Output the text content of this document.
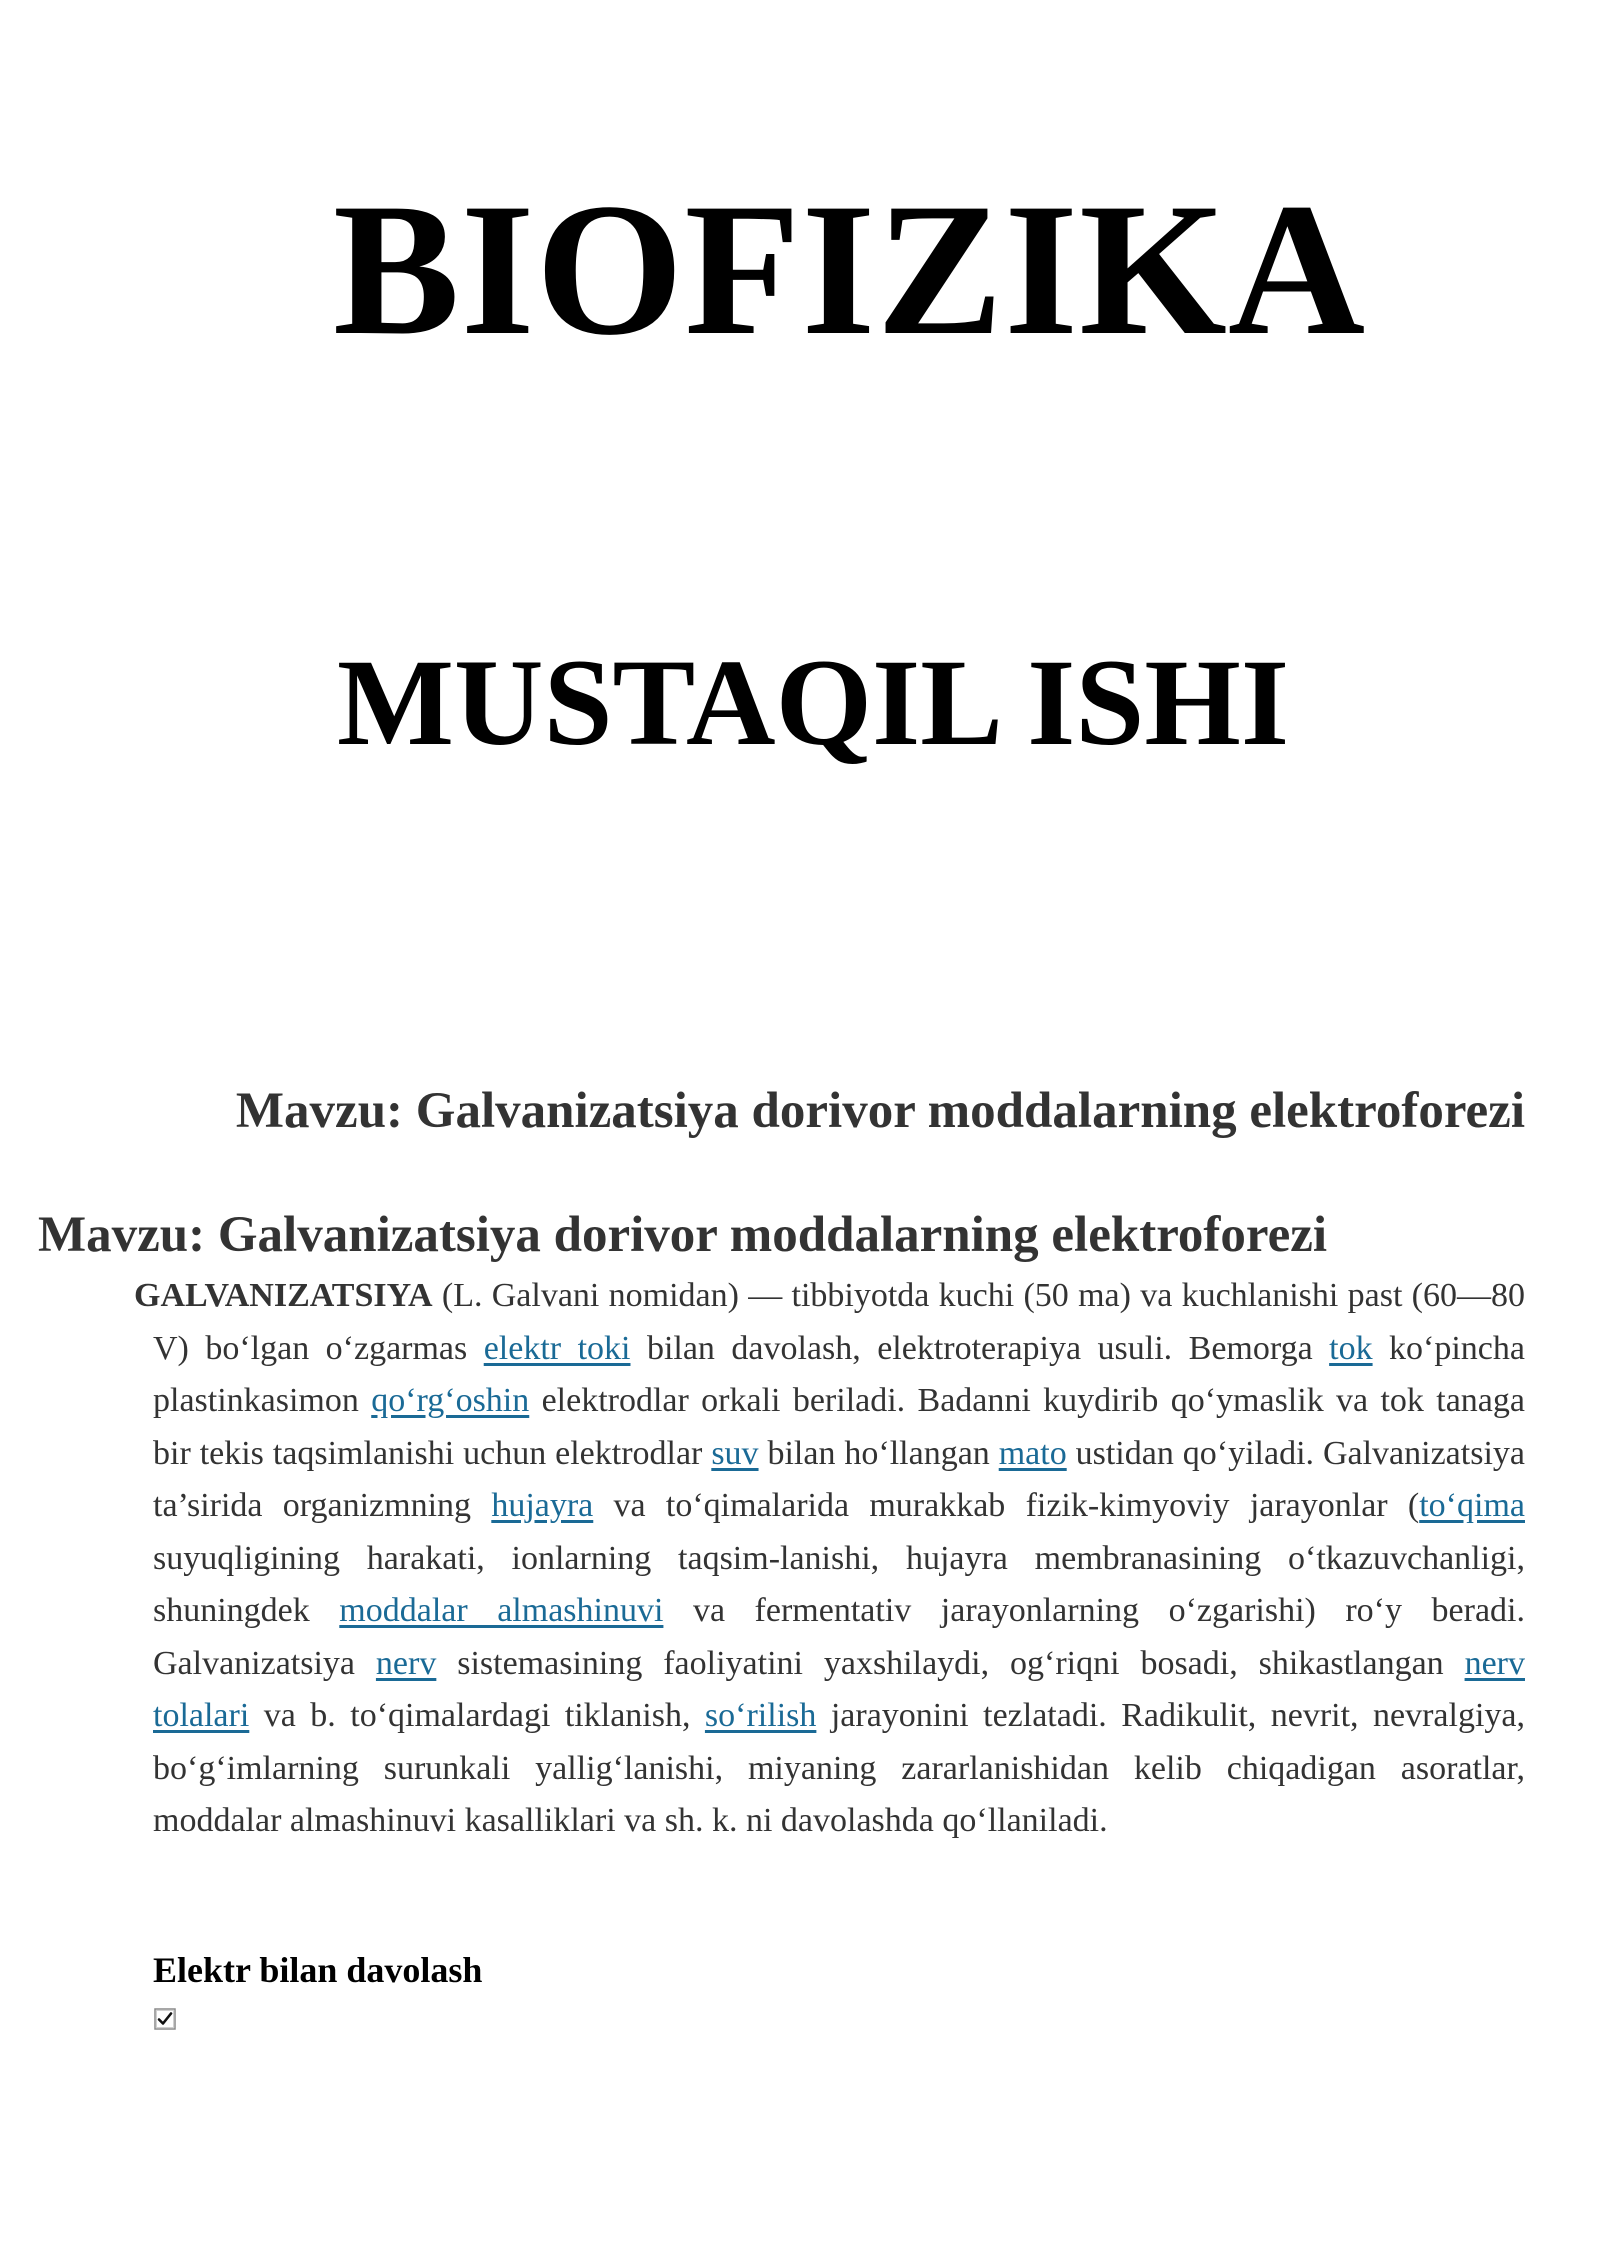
BIOFIZIKA
MUSTAQIL ISHI
Mavzu: Galvanizatsiya dorivor moddalarning elektroforezi
Mavzu: Galvanizatsiya dorivor moddalarning elektroforezi

GALVANIZATSIYA (L. Galvani nomidan) — tibbiyotda kuchi (50 ma) va kuchlanishi past (60—80 V) bo‘lgan o‘zgarmas elektr toki bilan davolash, elektroterapiya usuli. Bemorga tok ko‘pincha plastinkasimon qo‘rg‘oshin elektrodlar orkali beriladi. Badanni kuydirib qo‘ymaslik va tok tanaga bir tekis taqsimlanishi uchun elektrodlar suv bilan ho‘llangan mato ustidan qo‘yiladi. Galvanizatsiya ta’sirida organizmning hujayra va to‘qimalarida murakkab fizik-kimyoviy jarayonlar (to‘qima suyuqligining harakati, ionlarning taqsim-lanishi, hujayra membranasining o‘tkazuvchanligi, shuningdek moddalar almashinuvi va fermentativ jarayonlarning o‘zgarishi) ro‘y beradi. Galvanizatsiya nerv sistemasining faoliyatini yaxshilaydi, og‘riqni bosadi, shikastlangan nerv tolalari va b. to‘qimalardagi tiklanish, so‘rilish jarayonini tezlatadi. Radikulit, nevrit, nevralgiya, bo‘g‘imlarning surunkali yallig‘lanishi, miyaning zararlanishidan kelib chiqadigan asoratlar, moddalar almashinuvi kasalliklari va sh. k. ni davolashda qo‘llaniladi.

Elektr bilan davolash
